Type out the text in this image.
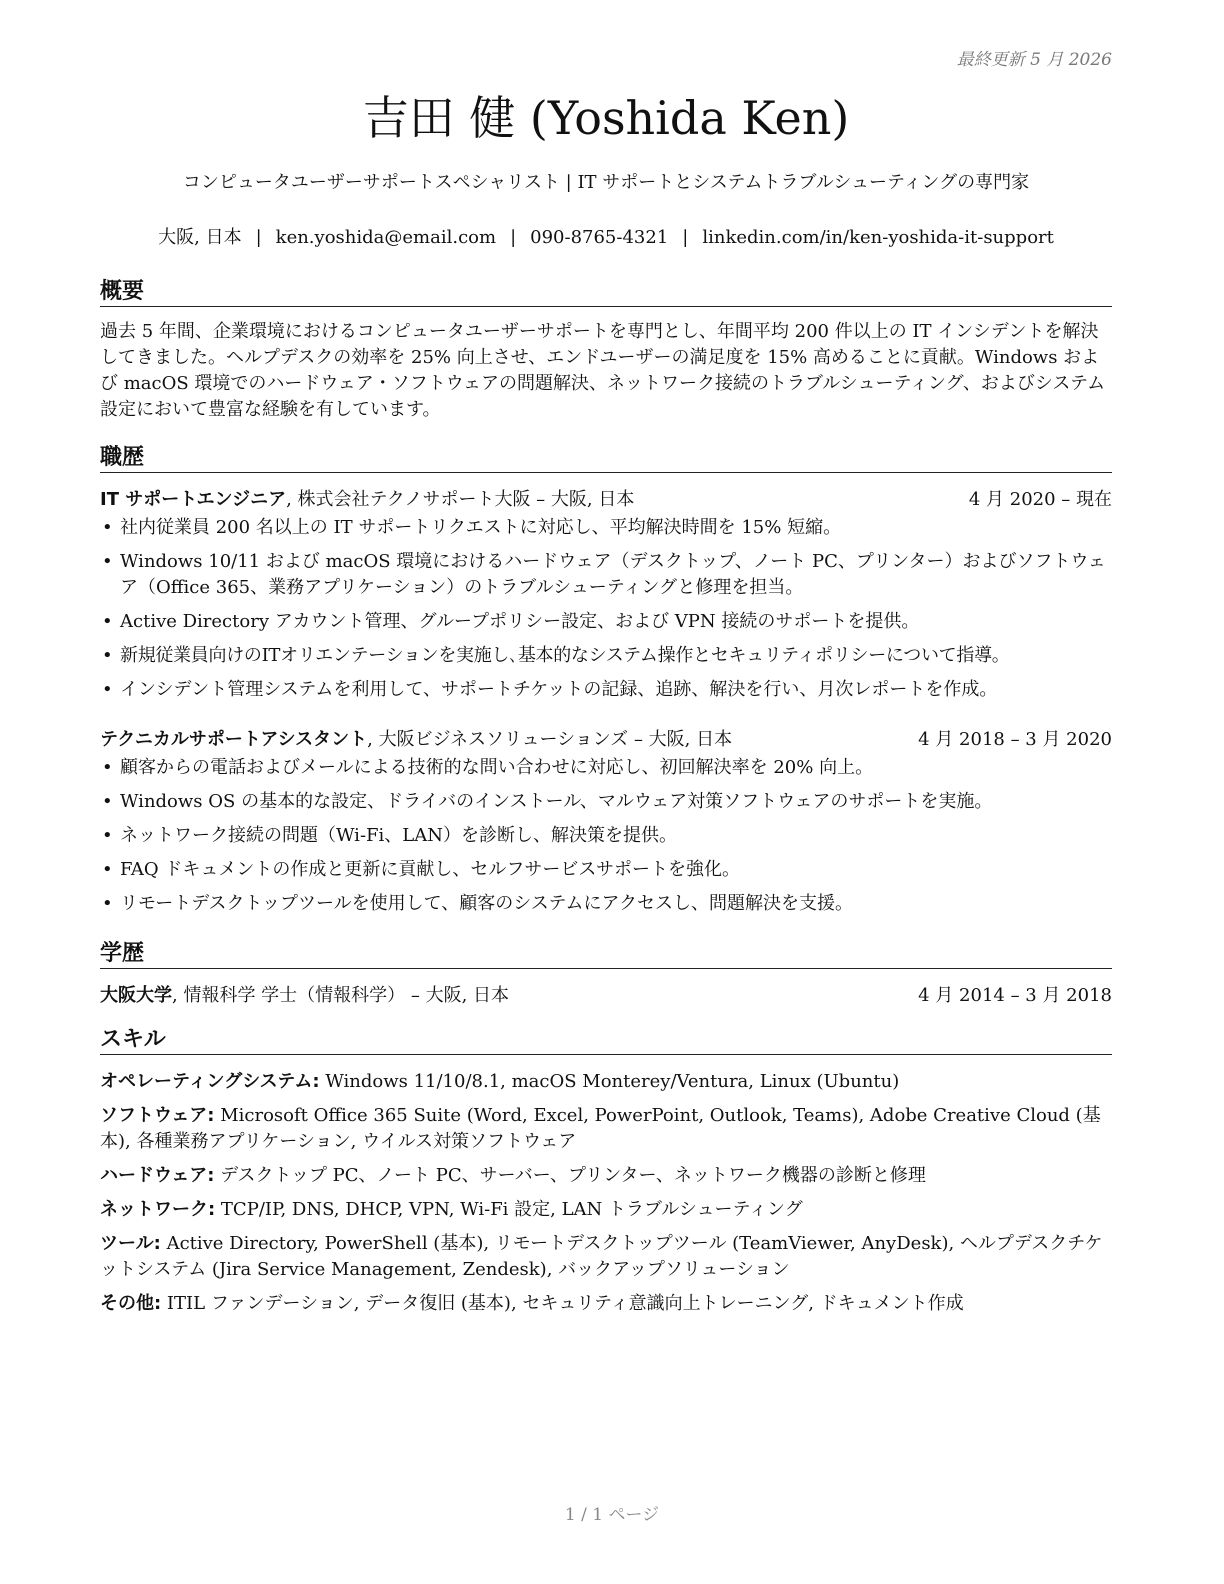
最終更新 5 月 2026
吉田 健 (Yoshida Ken)
コンピュータユーザーサポートスペシャリスト | IT サポートとシステムトラブルシューティングの専門家
大阪, 日本 | ken.yoshida@email.com | 090-8765-4321 | linkedin.com/in/ken-yoshida-it-support
概要
過去 5 年間、企業環境におけるコンピュータユーザーサポートを専門とし、年間平均 200 件以上の IT インシデントを解決してきました。ヘルプデスクの効率を 25% 向上させ、エンドユーザーの満足度を 15% 高めることに貢献。Windows および macOS 環境でのハードウェア・ソフトウェアの問題解決、ネットワーク接続のトラブルシューティング、およびシステム設定において豊富な経験を有しています。
職歴
IT サポートエンジニア, 株式会社テクノサポート大阪 – 大阪, 日本	4 月 2020 – 現在
• 社内従業員 200 名以上の IT サポートリクエストに対応し、平均解決時間を 15% 短縮。
• Windows 10/11 および macOS 環境におけるハードウェア（デスクトップ、ノート PC、プリンター）およびソフトウェア（Office 365、業務アプリケーション）のトラブルシューティングと修理を担当。
• Active Directory アカウント管理、グループポリシー設定、および VPN 接続のサポートを提供。
• 新規従業員向けのITオリエンテーションを実施し､基本的なシステム操作とセキュリティポリシーについて指導。
• インシデント管理システムを利用して、サポートチケットの記録、追跡、解決を行い、月次レポートを作成。
テクニカルサポートアシスタント, 大阪ビジネスソリューションズ – 大阪, 日本	4 月 2018 – 3 月 2020
• 顧客からの電話およびメールによる技術的な問い合わせに対応し、初回解決率を 20% 向上。
• Windows OS の基本的な設定、ドライバのインストール、マルウェア対策ソフトウェアのサポートを実施。
• ネットワーク接続の問題（Wi-Fi、LAN）を診断し、解決策を提供。
• FAQ ドキュメントの作成と更新に貢献し、セルフサービスサポートを強化。
• リモートデスクトップツールを使用して、顧客のシステムにアクセスし、問題解決を支援。
学歴
大阪大学, 情報科学 学士（情報科学） – 大阪, 日本	4 月 2014 – 3 月 2018
スキル
オペレーティングシステム: Windows 11/10/8.1, macOS Monterey/Ventura, Linux (Ubuntu)
ソフトウェア: Microsoft Office 365 Suite (Word, Excel, PowerPoint, Outlook, Teams), Adobe Creative Cloud (基本), 各種業務アプリケーション, ウイルス対策ソフトウェア
ハードウェア: デスクトップ PC、ノート PC、サーバー、プリンター、ネットワーク機器の診断と修理
ネットワーク: TCP/IP, DNS, DHCP, VPN, Wi-Fi 設定, LAN トラブルシューティング
ツール: Active Directory, PowerShell (基本), リモートデスクトップツール (TeamViewer, AnyDesk), ヘルプデスクチケットシステム (Jira Service Management, Zendesk), バックアップソリューション
その他: ITIL ファンデーション, データ復旧 (基本), セキュリティ意識向上トレーニング, ドキュメント作成
1 / 1 ページ
